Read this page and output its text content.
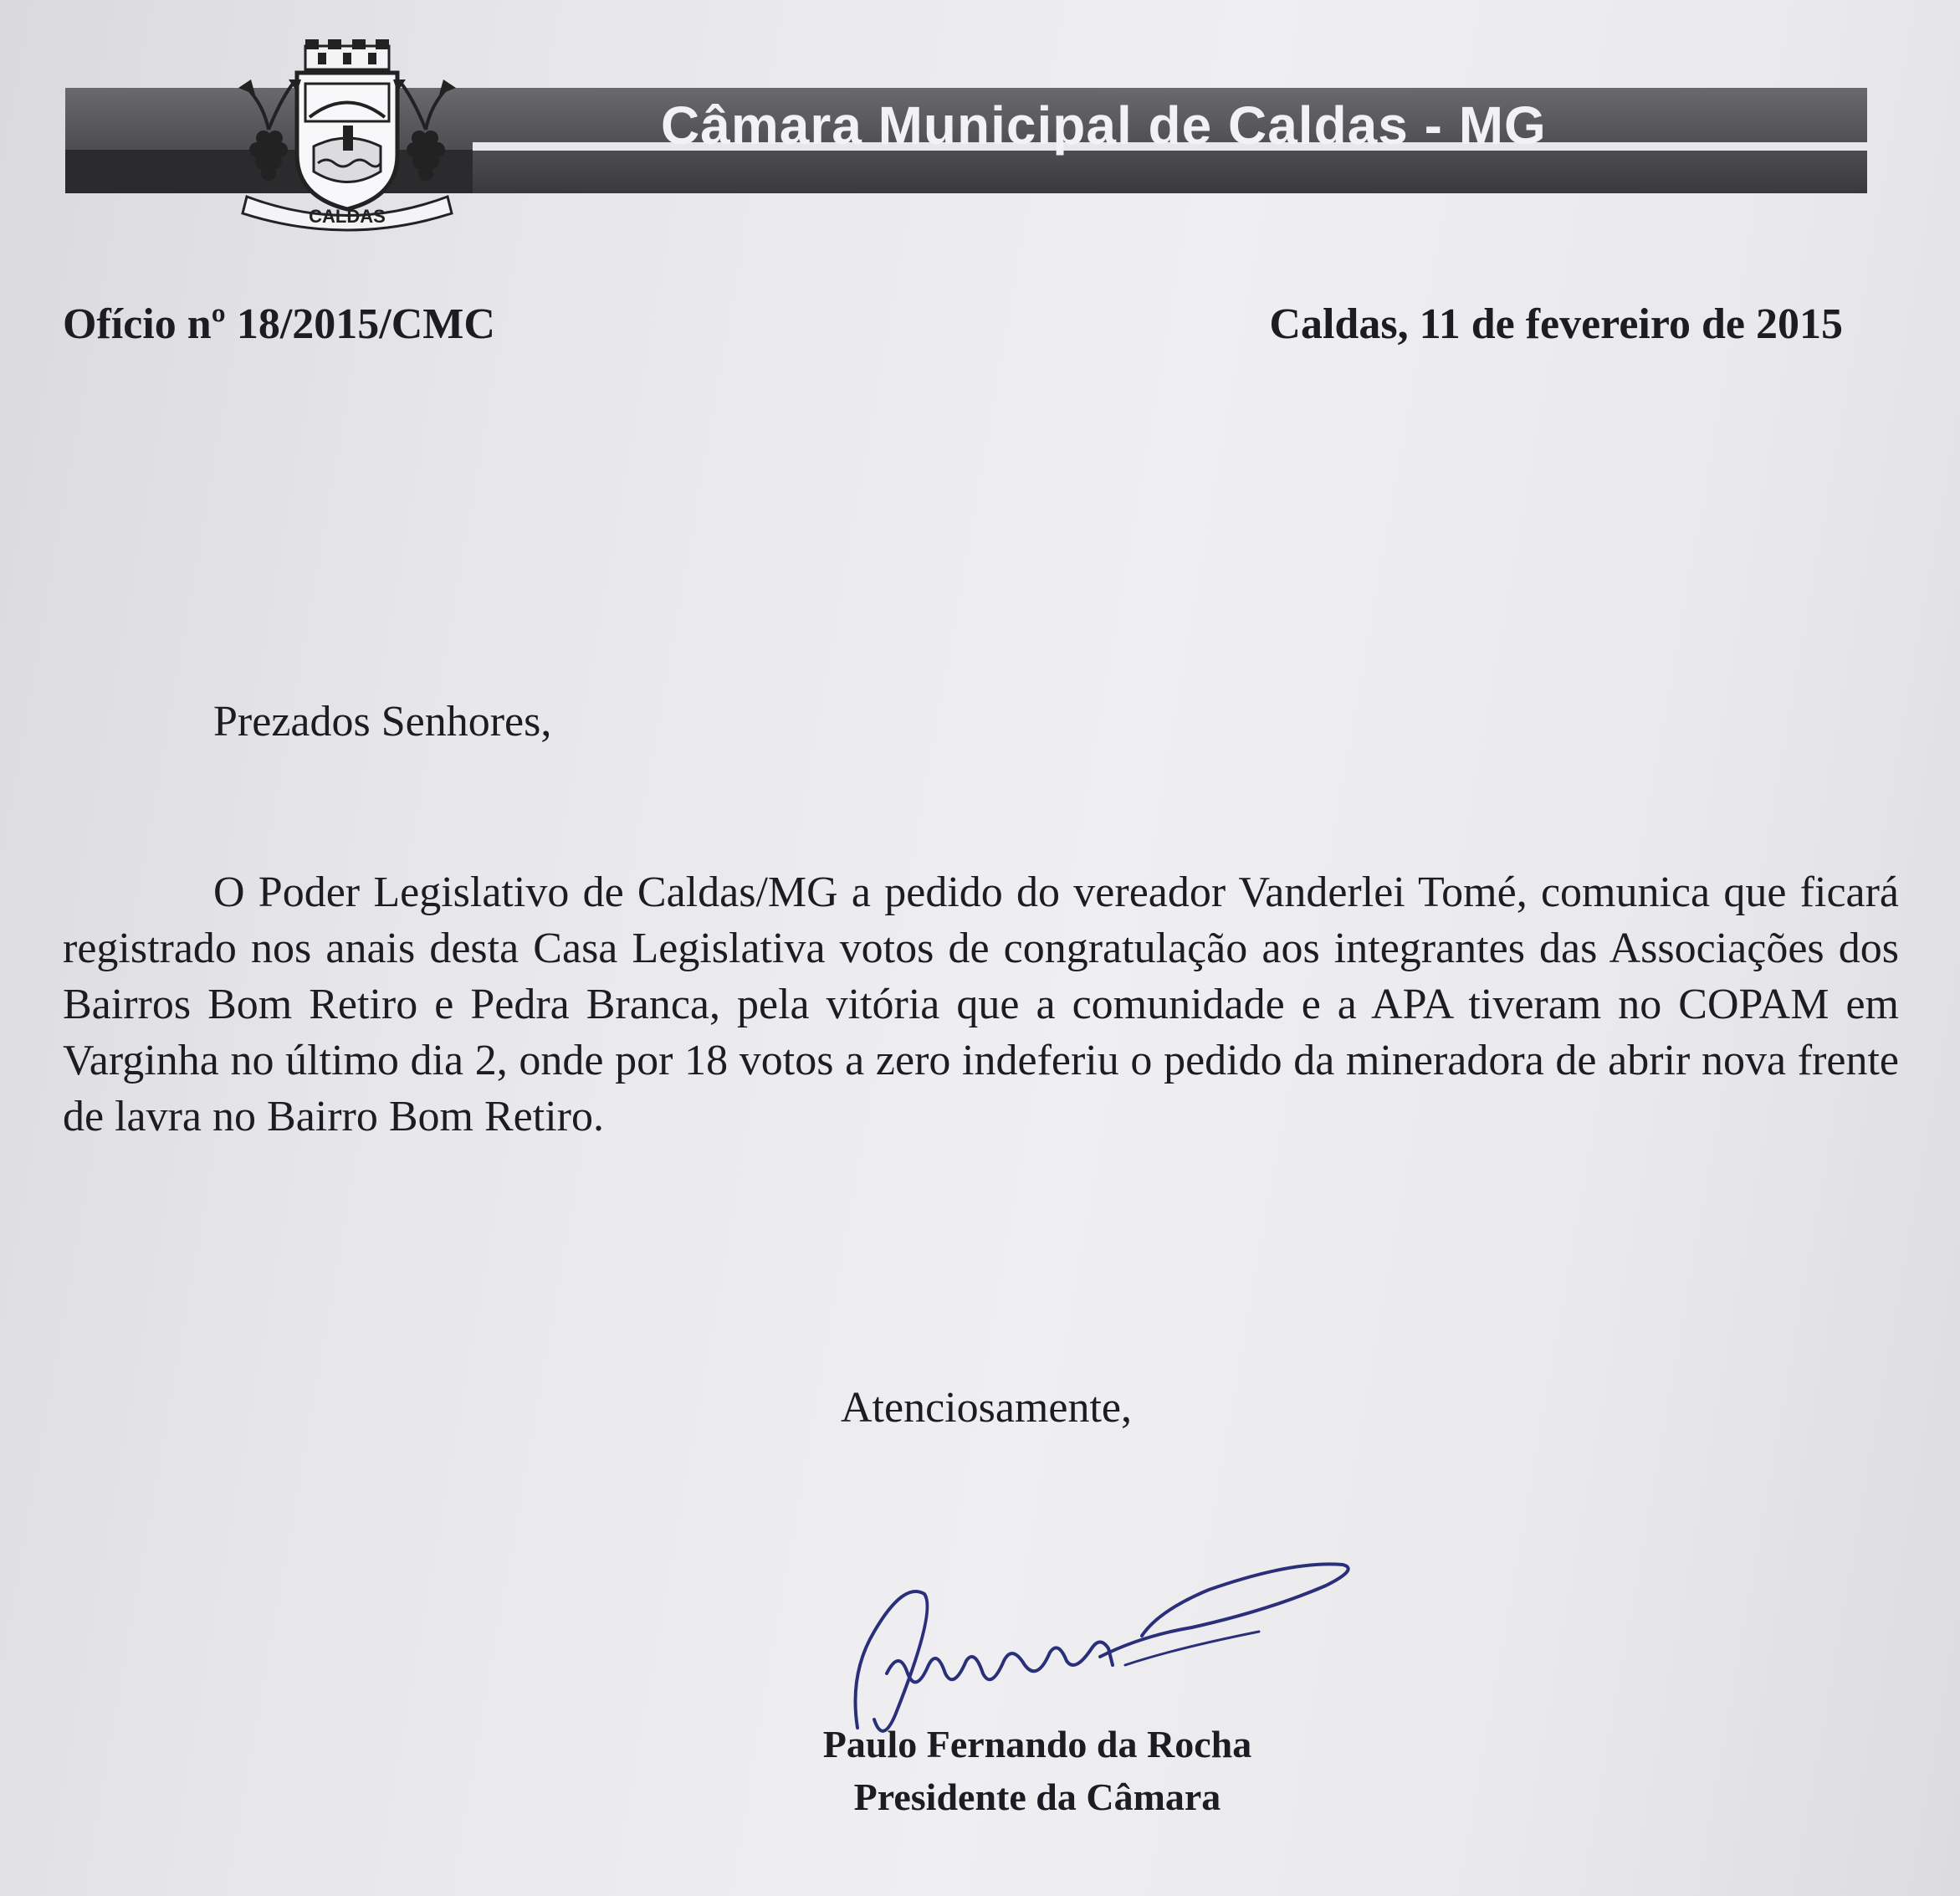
Câmara Municipal de Caldas - MG
CALDAS
Ofício nº 18/2015/CMC	Caldas, 11 de fevereiro de 2015
Prezados Senhores,
O Poder Legislativo de Caldas/MG a pedido do vereador Vanderlei Tomé, comunica que ficará registrado nos anais desta Casa Legislativa votos de congratulação aos integrantes das Associações dos Bairros Bom Retiro e Pedra Branca, pela vitória que a comunidade e a APA tiveram no COPAM em Varginha no último dia 2, onde por 18 votos a zero indeferiu o pedido da mineradora de abrir nova frente de lavra no Bairro Bom Retiro.
Atenciosamente,
Paulo Fernando da Rocha
Presidente da Câmara
